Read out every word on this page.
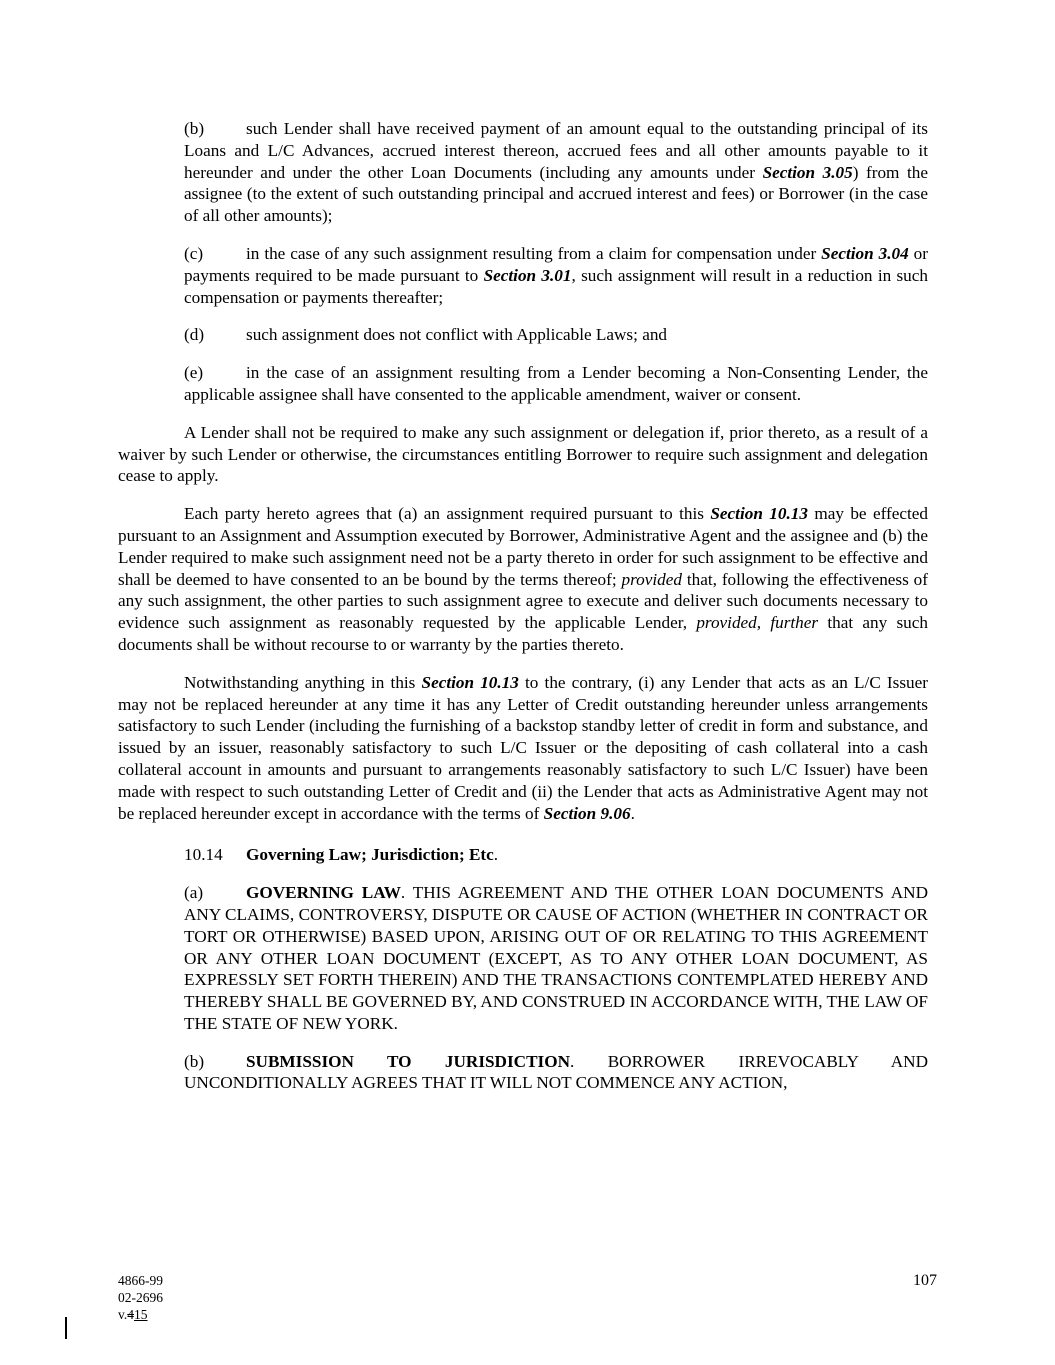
(b) such Lender shall have received payment of an amount equal to the outstanding principal of its Loans and L/C Advances, accrued interest thereon, accrued fees and all other amounts payable to it hereunder and under the other Loan Documents (including any amounts under Section 3.05) from the assignee (to the extent of such outstanding principal and accrued interest and fees) or Borrower (in the case of all other amounts);

(c) in the case of any such assignment resulting from a claim for compensation under Section 3.04 or payments required to be made pursuant to Section 3.01, such assignment will result in a reduction in such compensation or payments thereafter;

(d) such assignment does not conflict with Applicable Laws; and

(e) in the case of an assignment resulting from a Lender becoming a Non-Consenting Lender, the applicable assignee shall have consented to the applicable amendment, waiver or consent.

A Lender shall not be required to make any such assignment or delegation if, prior thereto, as a result of a waiver by such Lender or otherwise, the circumstances entitling Borrower to require such assignment and delegation cease to apply.

Each party hereto agrees that (a) an assignment required pursuant to this Section 10.13 may be effected pursuant to an Assignment and Assumption executed by Borrower, Administrative Agent and the assignee and (b) the Lender required to make such assignment need not be a party thereto in order for such assignment to be effective and shall be deemed to have consented to an be bound by the terms thereof; provided that, following the effectiveness of any such assignment, the other parties to such assignment agree to execute and deliver such documents necessary to evidence such assignment as reasonably requested by the applicable Lender, provided, further that any such documents shall be without recourse to or warranty by the parties thereto.

Notwithstanding anything in this Section 10.13 to the contrary, (i) any Lender that acts as an L/C Issuer may not be replaced hereunder at any time it has any Letter of Credit outstanding hereunder unless arrangements satisfactory to such Lender (including the furnishing of a backstop standby letter of credit in form and substance, and issued by an issuer, reasonably satisfactory to such L/C Issuer or the depositing of cash collateral into a cash collateral account in amounts and pursuant to arrangements reasonably satisfactory to such L/C Issuer) have been made with respect to such outstanding Letter of Credit and (ii) the Lender that acts as Administrative Agent may not be replaced hereunder except in accordance with the terms of Section 9.06.

10.14 Governing Law; Jurisdiction; Etc.

(a) GOVERNING LAW. THIS AGREEMENT AND THE OTHER LOAN DOCUMENTS AND ANY CLAIMS, CONTROVERSY, DISPUTE OR CAUSE OF ACTION (WHETHER IN CONTRACT OR TORT OR OTHERWISE) BASED UPON, ARISING OUT OF OR RELATING TO THIS AGREEMENT OR ANY OTHER LOAN DOCUMENT (EXCEPT, AS TO ANY OTHER LOAN DOCUMENT, AS EXPRESSLY SET FORTH THEREIN) AND THE TRANSACTIONS CONTEMPLATED HEREBY AND THEREBY SHALL BE GOVERNED BY, AND CONSTRUED IN ACCORDANCE WITH, THE LAW OF THE STATE OF NEW YORK.

(b) SUBMISSION TO JURISDICTION. BORROWER IRREVOCABLY AND UNCONDITIONALLY AGREES THAT IT WILL NOT COMMENCE ANY ACTION,

4866-99
02-2696
v.415
107
